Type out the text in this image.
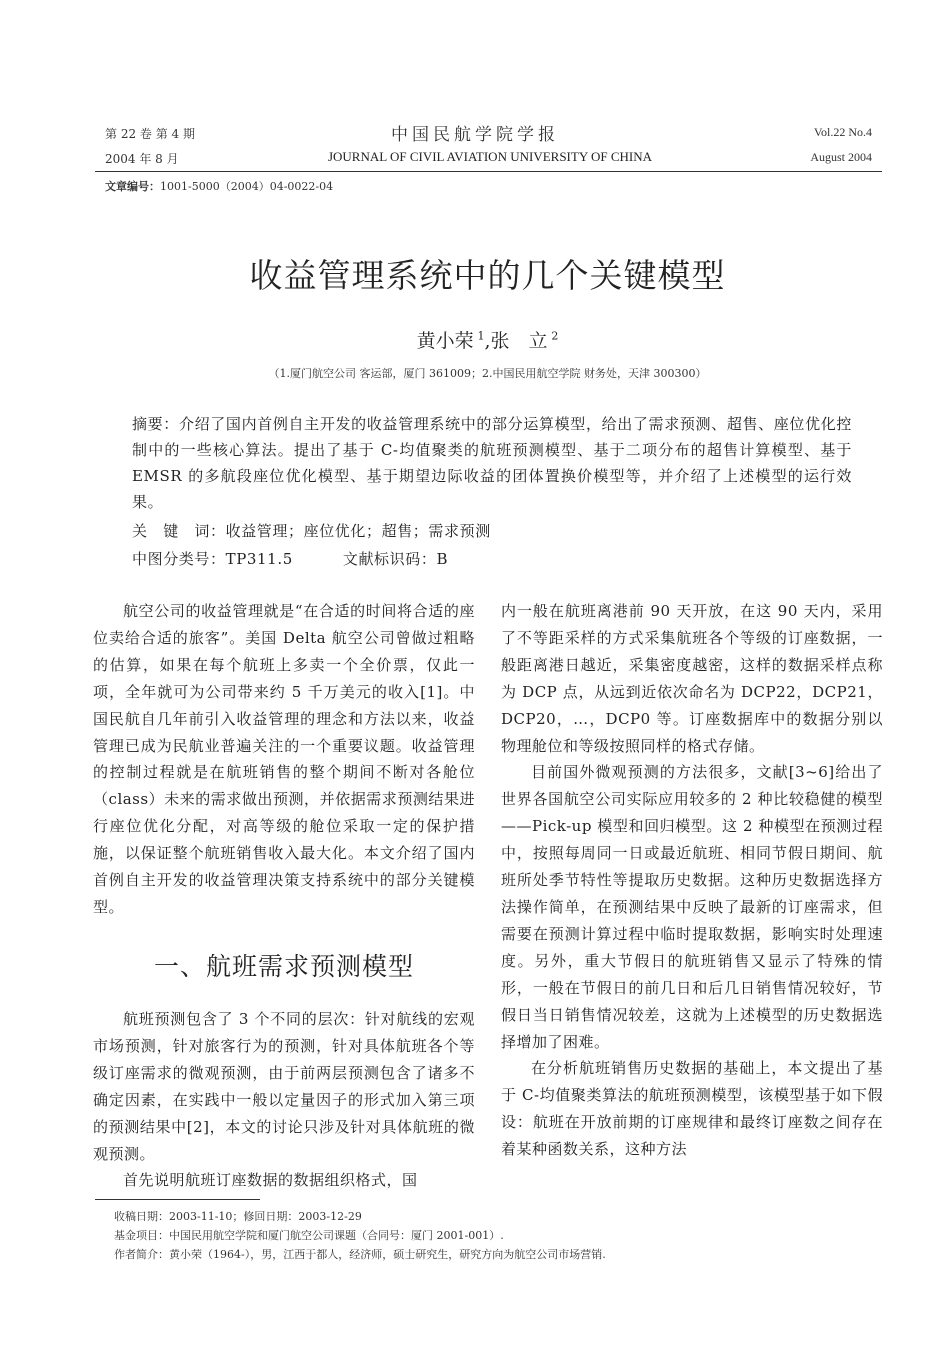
第 22 卷 第 4 期
2004 年 8 月
中国民航学院学报
JOURNAL OF CIVIL AVIATION UNIVERSITY OF CHINA
Vol.22 No.4
August 2004
文章编号：1001-5000（2004）04-0022-04
收益管理系统中的几个关键模型
黄小荣  $^1$,张　立  $^2$
（1.厦门航空公司 客运部，厦门 361009；2.中国民用航空学院 财务处，天津 300300）
摘要：介绍了国内首例自主开发的收益管理系统中的部分运算模型，给出了需求预测、超售、座位优化控制中的一些核心算法。提出了基于 C-均值聚类的航班预测模型、基于二项分布的超售计算模型、基于 EMSR 的多航段座位优化模型、基于期望边际收益的团体置换价模型等，并介绍了上述模型的运行效果。
关　键　词：收益管理；座位优化；超售；需求预测
中图分类号：TP311.5	文献标识码：B

航空公司的收益管理就是“在合适的时间将合适的座位卖给合适的旅客”。美国 Delta 航空公司曾做过粗略的估算，如果在每个航班上多卖一个全价票，仅此一项，全年就可为公司带来约 5 千万美元的收入[1]。中国民航自几年前引入收益管理的理念和方法以来，收益管理已成为民航业普遍关注的一个重要议题。收益管理的控制过程就是在航班销售的整个期间不断对各舱位（class）未来的需求做出预测，并依据需求预测结果进行座位优化分配，对高等级的舱位采取一定的保护措施，以保证整个航班销售收入最大化。本文介绍了国内首例自主开发的收益管理决策支持系统中的部分关键模型。

一、航班需求预测模型

航班预测包含了 3 个不同的层次：针对航线的宏观市场预测，针对旅客行为的预测，针对具体航班各个等级订座需求的微观预测，由于前两层预测包含了诸多不确定因素，在实践中一般以定量因子的形式加入第三项的预测结果中[2]，本文的讨论只涉及针对具体航班的微观预测。

首先说明航班订座数据的数据组织格式，国

内一般在航班离港前 90 天开放，在这 90 天内，采用了不等距采样的方式采集航班各个等级的订座数据，一般距离港日越近，采集密度越密，这样的数据采样点称为 DCP 点，从远到近依次命名为 DCP22，DCP21，DCP20，…，DCP0 等。订座数据库中的数据分别以物理舱位和等级按照同样的格式存储。

目前国外微观预测的方法很多，文献[3~6]给出了世界各国航空公司实际应用较多的 2 种比较稳健的模型——Pick-up 模型和回归模型。这 2 种模型在预测过程中，按照每周同一日或最近航班、相同节假日期间、航班所处季节特性等提取历史数据。这种历史数据选择方法操作简单，在预测结果中反映了最新的订座需求，但需要在预测计算过程中临时提取数据，影响实时处理速度。另外，重大节假日的航班销售又显示了特殊的情形，一般在节假日的前几日和后几日销售情况较好，节假日当日销售情况较差，这就为上述模型的历史数据选择增加了困难。

在分析航班销售历史数据的基础上，本文提出了基于 C-均值聚类算法的航班预测模型，该模型基于如下假设：航班在开放前期的订座规律和最终订座数之间存在着某种函数关系，这种方法

收稿日期：2003-11-10；修回日期：2003-12-29
基金项目：中国民用航空学院和厦门航空公司课题（合同号：厦门 2001-001）.
作者简介：黄小荣（1964-），男，江西于都人，经济师，硕士研究生，研究方向为航空公司市场营销.
